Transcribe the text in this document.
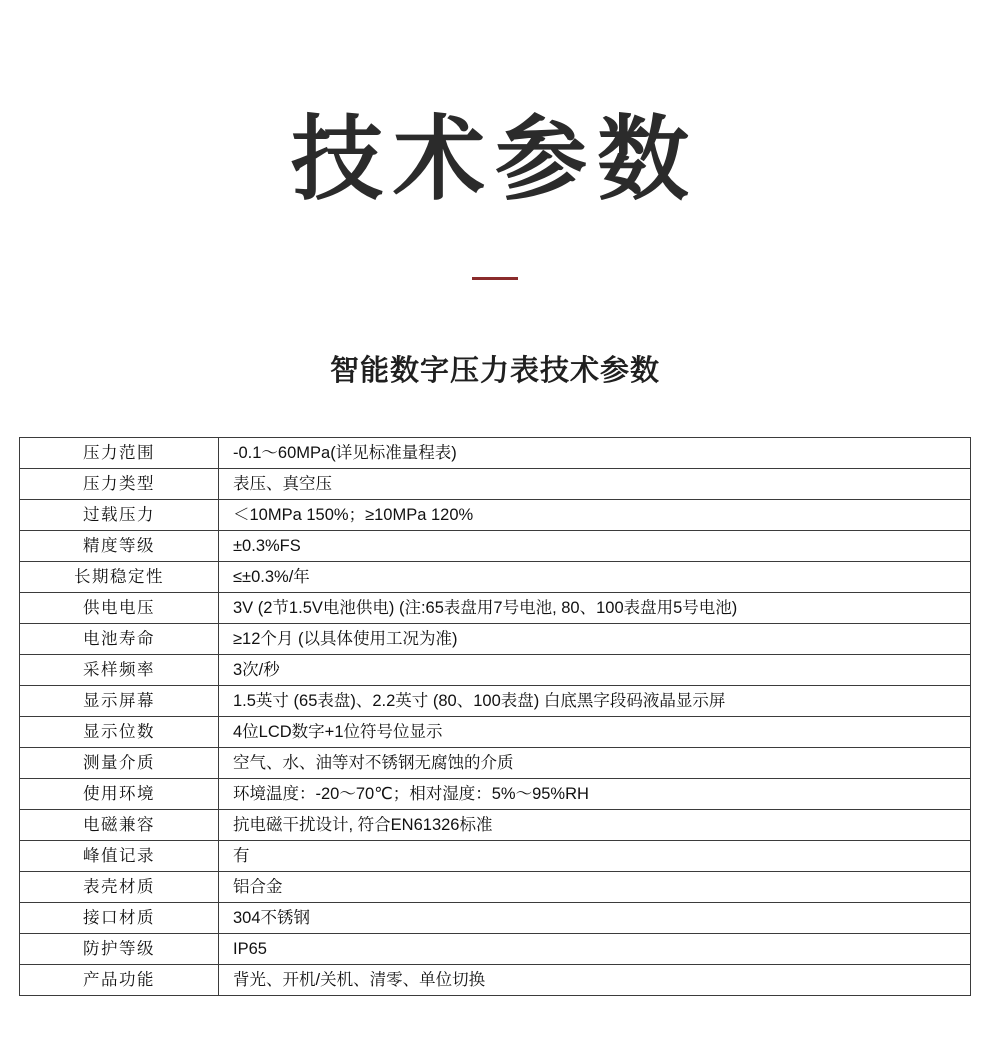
技术参数
智能数字压力表技术参数
压力范围	-0.1～60MPa(详见标准量程表)
压力类型	表压、真空压
过载压力	＜10MPa 150%；≥10MPa 120%
精度等级	±0.3%FS
长期稳定性	≤±0.3%/年
供电电压	3V (2节1.5V电池供电) (注:65表盘用7号电池, 80、100表盘用5号电池)
电池寿命	≥12个月 (以具体使用工况为准)
采样频率	3次/秒
显示屏幕	1.5英寸 (65表盘)、2.2英寸 (80、100表盘) 白底黑字段码液晶显示屏
显示位数	4位LCD数字+1位符号位显示
测量介质	空气、水、油等对不锈钢无腐蚀的介质
使用环境	环境温度：-20～70℃；相对湿度：5%～95%RH
电磁兼容	抗电磁干扰设计, 符合EN61326标准
峰值记录	有
表壳材质	铝合金
接口材质	304不锈钢
防护等级	IP65
产品功能	背光、开机/关机、清零、单位切换
